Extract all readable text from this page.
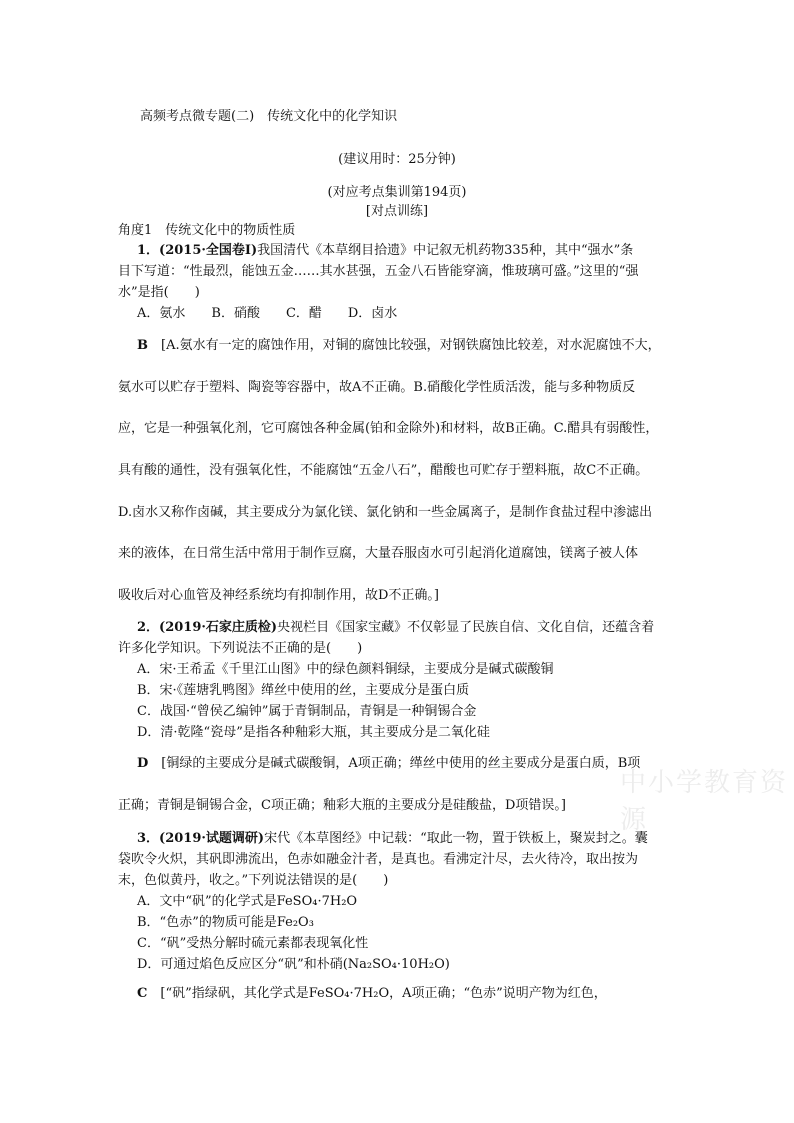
高频考点微专题(二)　传统文化中的化学知识
(建议用时：25分钟)
(对应考点集训第194页)
[对点训练]
角度1　传统文化中的物质性质
1．(2015·全国卷Ⅰ)我国清代《本草纲目拾遗》中记叙无机药物335种，其中“强水”条
目下写道：“性最烈，能蚀五金……其水甚强，五金八石皆能穿滴，惟玻璃可盛。”这里的“强
水”是指(　　)
A．氨水　　B．硝酸　　C．醋　　D．卤水
B　 [A.氨水有一定的腐蚀作用，对铜的腐蚀比较强，对钢铁腐蚀比较差，对水泥腐蚀不大，
氨水可以贮存于塑料、陶瓷等容器中，故A不正确。B.硝酸化学性质活泼，能与多种物质反
应，它是一种强氧化剂，它可腐蚀各种金属(铂和金除外)和材料，故B正确。C.醋具有弱酸性，
具有酸的通性，没有强氧化性，不能腐蚀“五金八石”，醋酸也可贮存于塑料瓶，故C不正确。
D.卤水又称作卤碱，其主要成分为氯化镁、氯化钠和一些金属离子，是制作食盐过程中渗滤出
来的液体，在日常生活中常用于制作豆腐，大量吞服卤水可引起消化道腐蚀，镁离子被人体
吸收后对心血管及神经系统均有抑制作用，故D不正确。]
2．(2019·石家庄质检)央视栏目《国家宝藏》不仅彰显了民族自信、文化自信，还蕴含着
许多化学知识。下列说法不正确的是(　　)
A．宋·王希孟《千里江山图》中的绿色颜料铜绿，主要成分是碱式碳酸铜
B．宋·《莲塘乳鸭图》缂丝中使用的丝，主要成分是蛋白质
C．战国·“曾侯乙编钟”属于青铜制品，青铜是一种铜锡合金
D．清·乾隆“瓷母”是指各种釉彩大瓶，其主要成分是二氧化硅
D　 [铜绿的主要成分是碱式碳酸铜，A项正确；缂丝中使用的丝主要成分是蛋白质，B项
正确；青铜是铜锡合金，C项正确；釉彩大瓶的主要成分是硅酸盐，D项错误。]
3．(2019·试题调研)宋代《本草图经》中记载：“取此一物，置于铁板上，聚炭封之。囊
袋吹令火炽，其矾即沸流出，色赤如融金汁者，是真也。看沸定汁尽，去火待冷，取出按为
末，色似黄丹，收之。”下列说法错误的是(　　)
A．文中“矾”的化学式是FeSO₄·7H₂O
B．“色赤”的物质可能是Fe₂O₃
C．“矾”受热分解时硫元素都表现氧化性
D．可通过焰色反应区分“矾”和朴硝(Na₂SO₄·10H₂O)
C　 [“矾”指绿矾，其化学式是FeSO₄·7H₂O，A项正确；“色赤”说明产物为红色，
中小学教育资源
